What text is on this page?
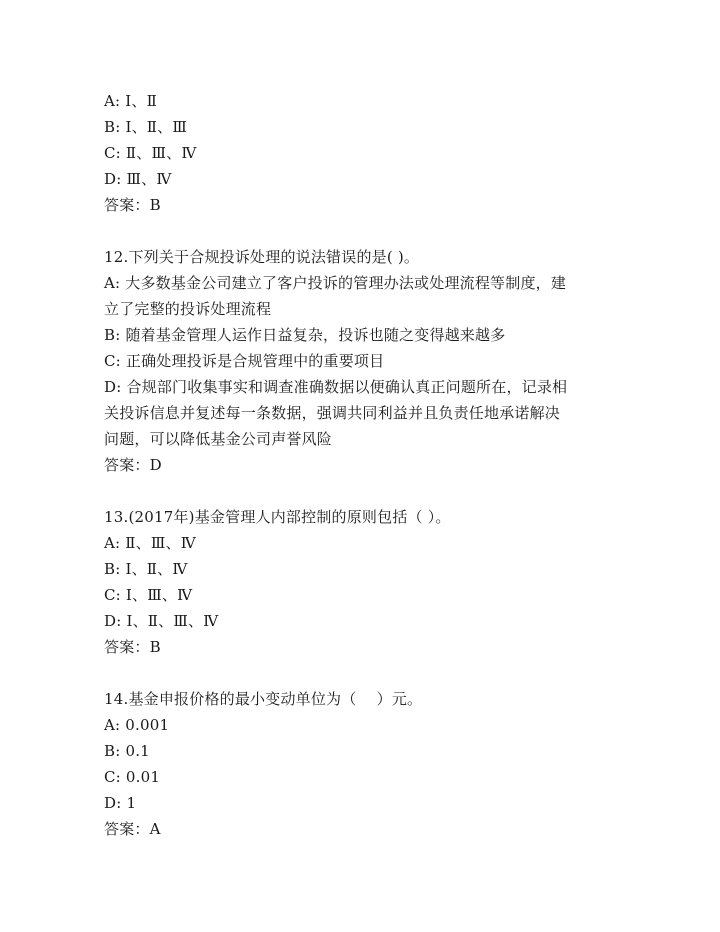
A: Ⅰ、Ⅱ
B: Ⅰ、Ⅱ、Ⅲ
C: Ⅱ、Ⅲ、Ⅳ
D: Ⅲ、Ⅳ
答案：B
12.下列关于合规投诉处理的说法错误的是( )。
A: 大多数基金公司建立了客户投诉的管理办法或处理流程等制度，建
立了完整的投诉处理流程
B: 随着基金管理人运作日益复杂，投诉也随之变得越来越多
C: 正确处理投诉是合规管理中的重要项目
D: 合规部门收集事实和调查准确数据以便确认真正问题所在，记录相
关投诉信息并复述每一条数据，强调共同利益并且负责任地承诺解决
问题，可以降低基金公司声誉风险
答案：D
13.(2017年)基金管理人内部控制的原则包括（ ）。
A: Ⅱ、Ⅲ、Ⅳ
B: Ⅰ、Ⅱ、Ⅳ
C: Ⅰ、Ⅲ、Ⅳ
D: Ⅰ、Ⅱ、Ⅲ、Ⅳ
答案：B
14.基金申报价格的最小变动单位为（　 ）元。
A: 0.001
B: 0.1
C: 0.01
D: 1
答案：A
